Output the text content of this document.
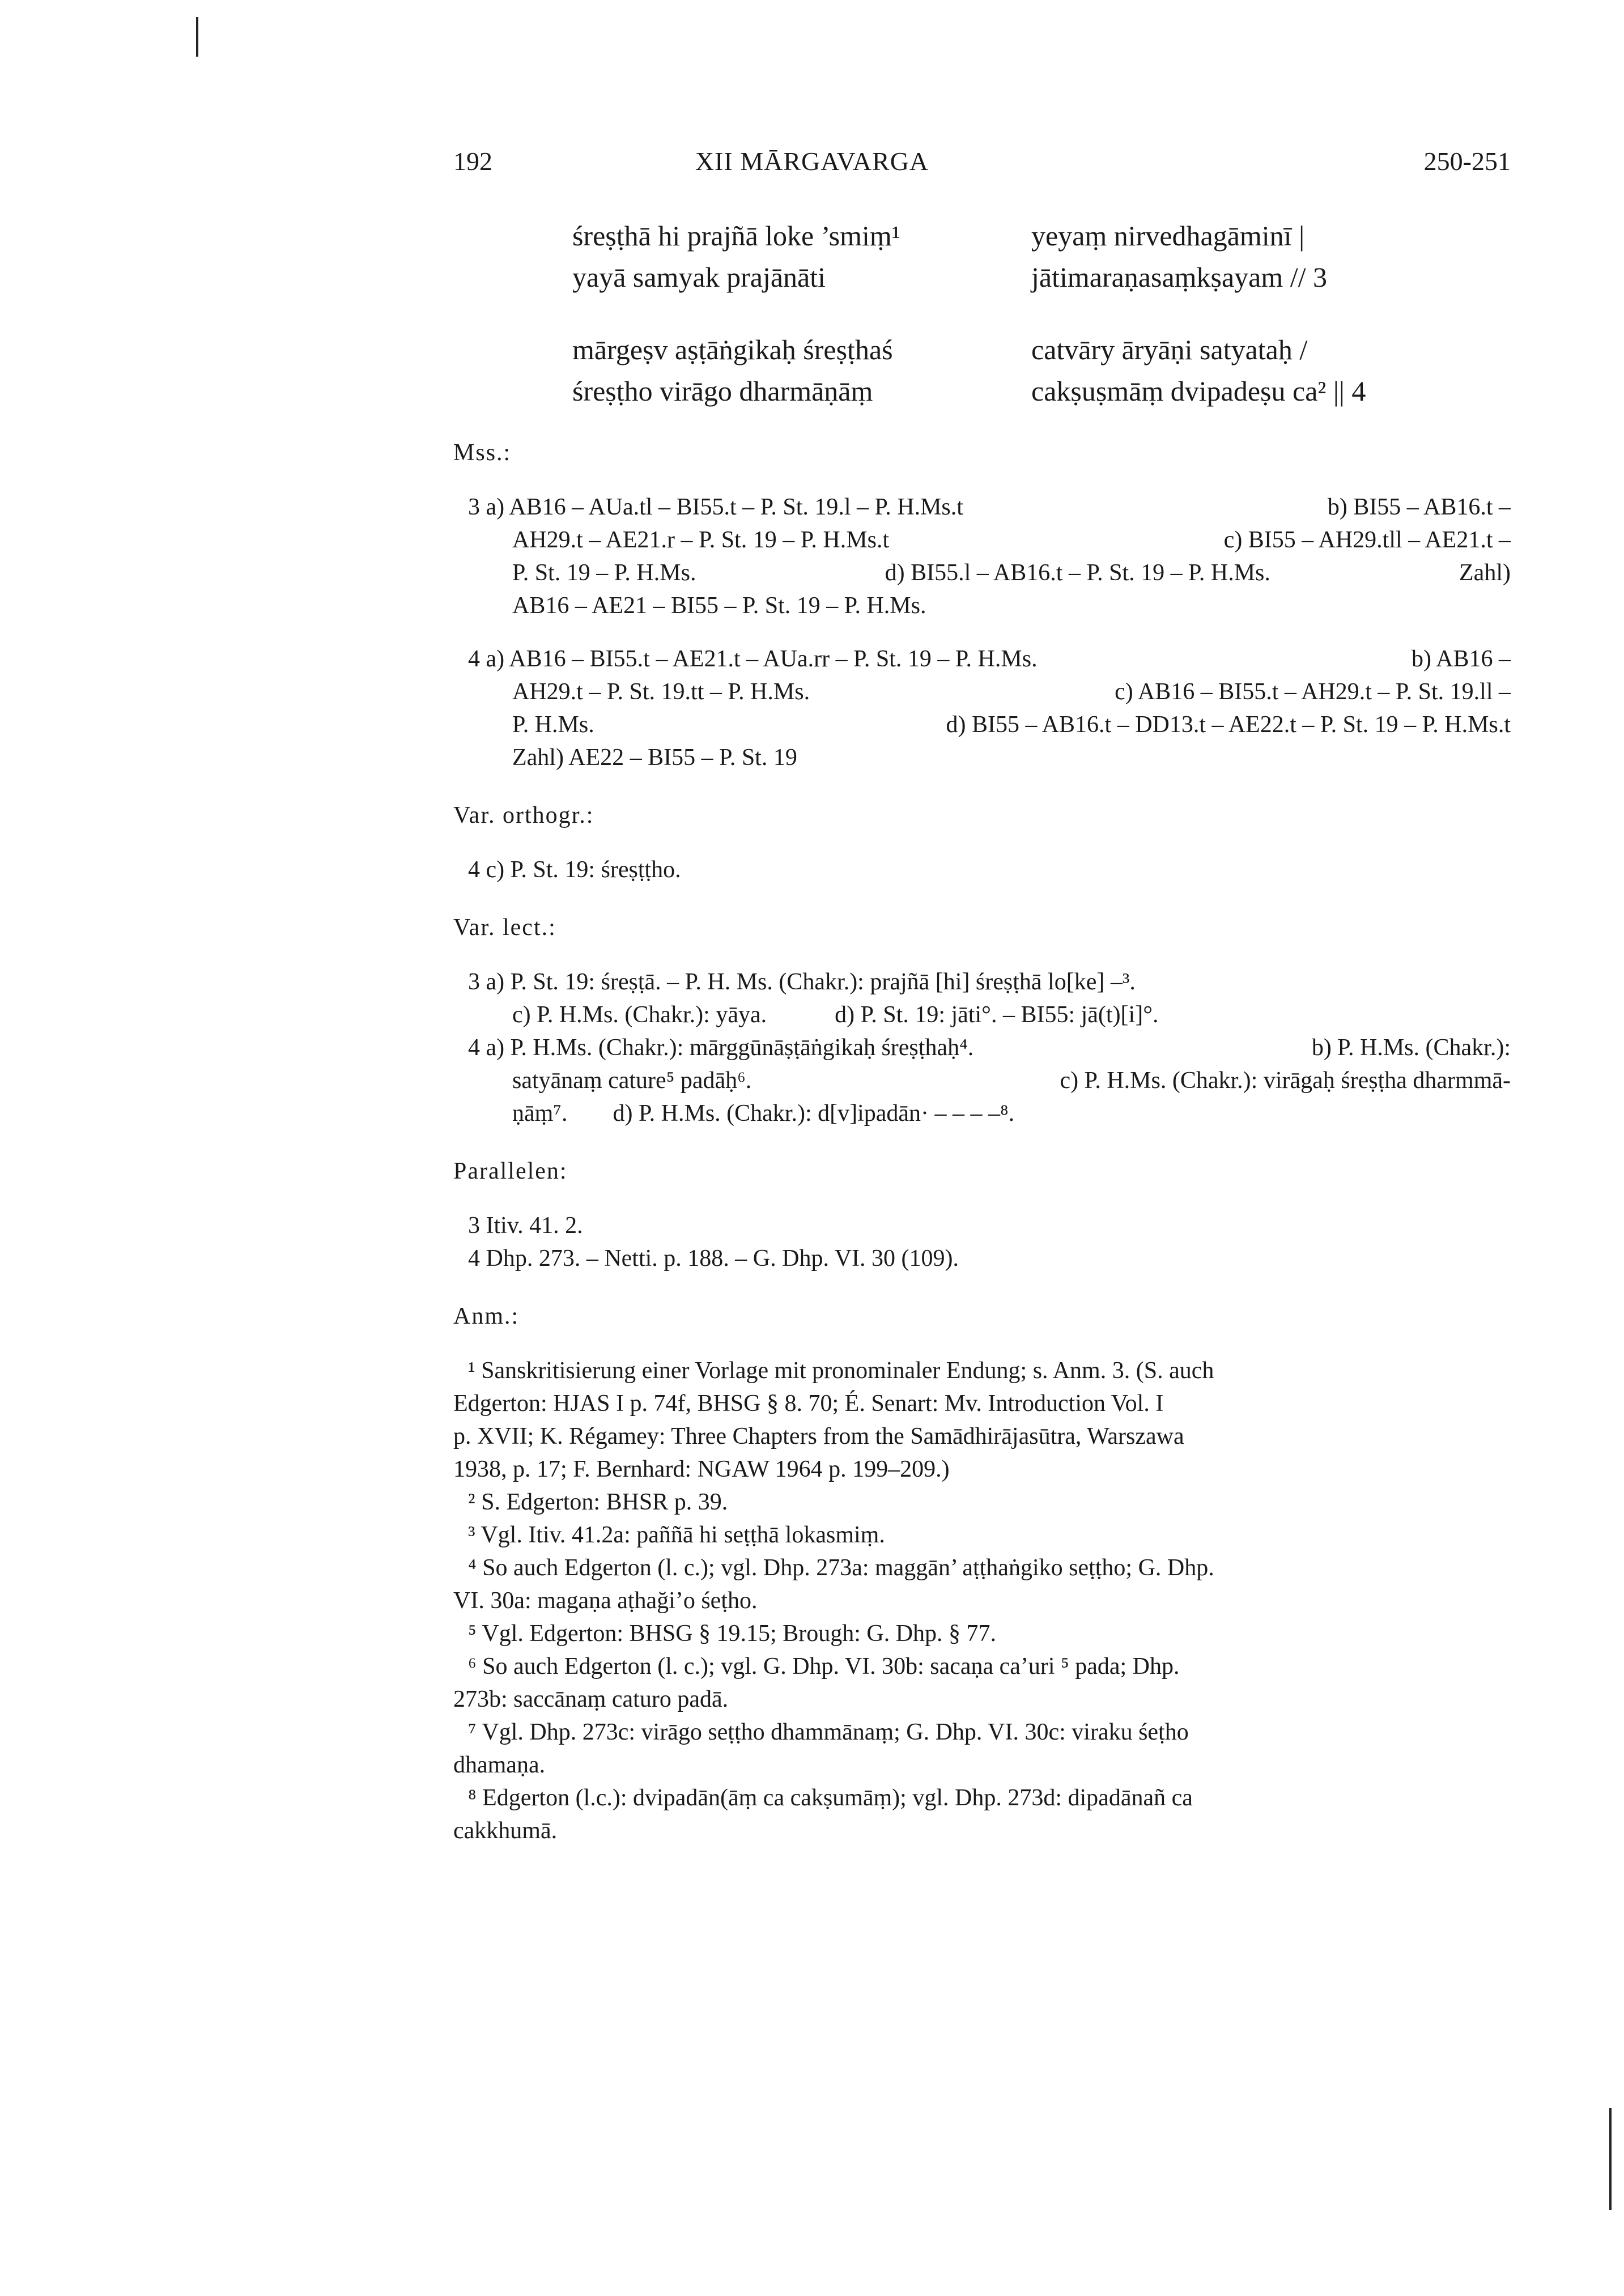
XII MĀRGAVARGA
192	250-251
śreṣṭhā hi prajñā loke ’smiṃ¹	yeyaṃ nirvedhagāminī |
yayā samyak prajānāti	jātimaraṇasaṃkṣayam // 3
mārgeṣv aṣṭāṅgikaḥ śreṣṭhaś	catvāry āryāṇi satyataḥ /
śreṣṭho virāgo dharmāṇāṃ	cakṣuṣmāṃ dvipadeṣu ca² || 4
Mss.:
3 a) AB16 – AUa.tl – BI55.t – P. St. 19.l – P. H.Ms.t	b) BI55 – AB16.t –
AH29.t – AE21.r – P. St. 19 – P. H.Ms.t	c) BI55 – AH29.tll – AE21.t –
P. St. 19 – P. H.Ms.	d) BI55.l – AB16.t – P. St. 19 – P. H.Ms.	Zahl)
AB16 – AE21 – BI55 – P. St. 19 – P. H.Ms.
4 a) AB16 – BI55.t – AE21.t – AUa.rr – P. St. 19 – P. H.Ms.	b) AB16 –
AH29.t – P. St. 19.tt – P. H.Ms.	c) AB16 – BI55.t – AH29.t – P. St. 19.ll –
P. H.Ms.	d) BI55 – AB16.t – DD13.t – AE22.t – P. St. 19 – P. H.Ms.t
Zahl) AE22 – BI55 – P. St. 19
Var. orthogr.:
4 c) P. St. 19: śreṣṭṭho.
Var. lect.:
3 a) P. St. 19: śreṣṭā. – P. H. Ms. (Chakr.): prajñā [hi] śreṣṭhā lo[ke] –³.
c) P. H.Ms. (Chakr.): yāya.	d) P. St. 19: jāti°. – BI55: jā(t)[i]°.
4 a) P. H.Ms. (Chakr.): mārggūnāṣṭāṅgikaḥ śreṣṭhaḥ⁴.	b) P. H.Ms. (Chakr.):
satyānaṃ cature⁵ padāḥ⁶.	c) P. H.Ms. (Chakr.): virāgaḥ śreṣṭha dharmmā-
ṇāṃ⁷. d) P. H.Ms. (Chakr.): d[v]ipadān· – – – –⁸.
Parallelen:
3 Itiv. 41. 2.
4 Dhp. 273. – Netti. p. 188. – G. Dhp. VI. 30 (109).
Anm.:
¹ Sanskritisierung einer Vorlage mit pronominaler Endung; s. Anm. 3. (S. auch
Edgerton: HJAS I p. 74f, BHSG § 8. 70; É. Senart: Mv. Introduction Vol. I
p. XVII; K. Régamey: Three Chapters from the Samādhirājasūtra, Warszawa
1938, p. 17; F. Bernhard: NGAW 1964 p. 199–209.)
² S. Edgerton: BHSR p. 39.
³ Vgl. Itiv. 41.2a: paññā hi seṭṭhā lokasmiṃ.
⁴ So auch Edgerton (l. c.); vgl. Dhp. 273a: maggān’ aṭṭhaṅgiko seṭṭho; G. Dhp.
VI. 30a: magaṇa aṭhaği’o śeṭho.
⁵ Vgl. Edgerton: BHSG § 19.15; Brough: G. Dhp. § 77.
⁶ So auch Edgerton (l. c.); vgl. G. Dhp. VI. 30b: sacaṇa ca’uri ⁵ pada; Dhp.
273b: saccānaṃ caturo padā.
⁷ Vgl. Dhp. 273c: virāgo seṭṭho dhammānaṃ; G. Dhp. VI. 30c: viraku śeṭho
dhamaṇa.
⁸ Edgerton (l.c.): dvipadān(āṃ ca cakṣumāṃ); vgl. Dhp. 273d: dipadānañ ca
cakkhumā.
